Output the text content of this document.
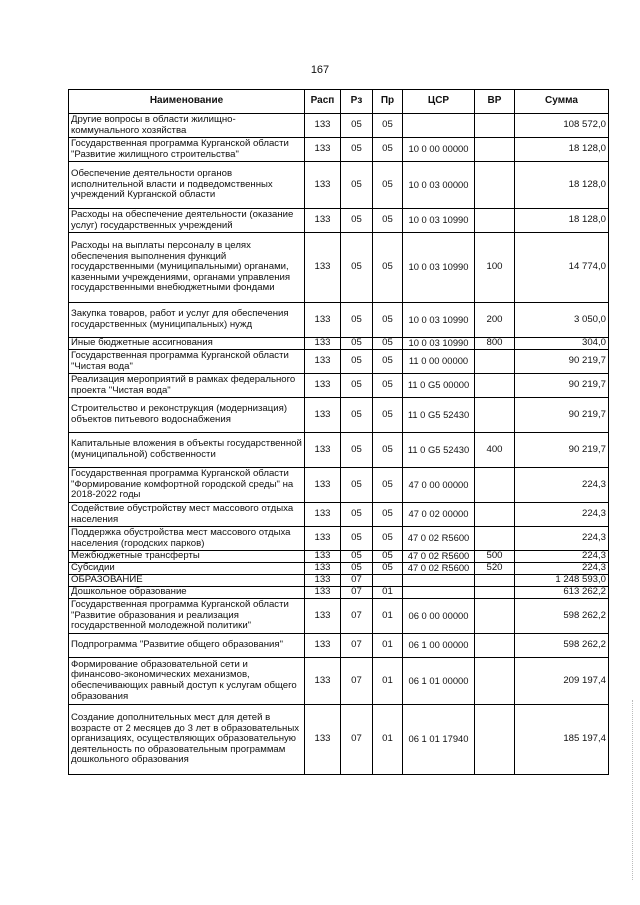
167
Наименование	Расп	Рз	Пр	ЦСР	ВР	Сумма
Другие вопросы в области жилищно-коммунального хозяйства	133	05	05			108 572,0
Государственная программа Курганской области "Развитие жилищного строительства"	133	05	05	10 0 00 00000		18 128,0
Обеспечение деятельности органов исполнительной власти и подведомственных учреждений Курганской области	133	05	05	10 0 03 00000		18 128,0
Расходы на обеспечение деятельности (оказание услуг) государственных учреждений	133	05	05	10 0 03 10990		18 128,0
Расходы на выплаты персоналу в целях обеспечения выполнения функций государственными (муниципальными) органами, казенными учреждениями, органами управления государственными внебюджетными фондами	133	05	05	10 0 03 10990	100	14 774,0
Закупка товаров, работ и услуг для обеспечения государственных (муниципальных) нужд	133	05	05	10 0 03 10990	200	3 050,0
Иные бюджетные ассигнования	133	05	05	10 0 03 10990	800	304,0
Государственная программа Курганской области "Чистая вода"	133	05	05	11 0 00 00000		90 219,7
Реализация мероприятий в рамках федерального проекта "Чистая вода"	133	05	05	11 0 G5 00000		90 219,7
Строительство и реконструкция (модернизация) объектов питьевого водоснабжения	133	05	05	11 0 G5 52430		90 219,7
Капитальные вложения в объекты государственной (муниципальной) собственности	133	05	05	11 0 G5 52430	400	90 219,7
Государственная программа Курганской области "Формирование комфортной городской среды" на 2018-2022 годы	133	05	05	47 0 00 00000		224,3
Содействие обустройству мест массового отдыха населения	133	05	05	47 0 02 00000		224,3
Поддержка обустройства мест массового отдыха населения (городских парков)	133	05	05	47 0 02 R5600		224,3
Межбюджетные трансферты	133	05	05	47 0 02 R5600	500	224,3
Субсидии	133	05	05	47 0 02 R5600	520	224,3
ОБРАЗОВАНИЕ	133	07				1 248 593,0
Дошкольное образование	133	07	01			613 262,2
Государственная программа Курганской области "Развитие образования и реализация государственной молодежной политики"	133	07	01	06 0 00 00000		598 262,2
Подпрограмма "Развитие общего образования"	133	07	01	06 1 00 00000		598 262,2
Формирование образовательной сети и финансово-экономических механизмов, обеспечивающих равный доступ к услугам общего образования	133	07	01	06 1 01 00000		209 197,4
Создание дополнительных мест для детей в возрасте от 2 месяцев до 3 лет в образовательных организациях, осуществляющих образовательную деятельность по образовательным программам дошкольного образования	133	07	01	06 1 01 17940		185 197,4
